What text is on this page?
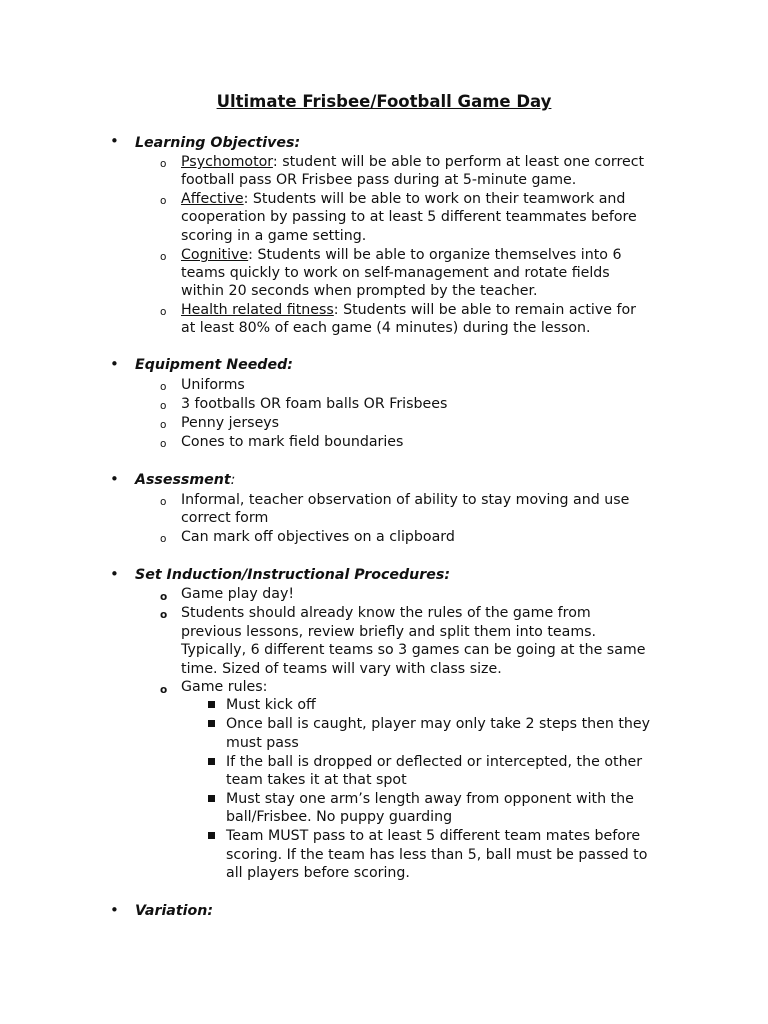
Ultimate Frisbee/Football Game Day
• Learning Objectives:
o Psychomotor: student will be able to perform at least one correct
football pass OR Frisbee pass during at 5-minute game.
o Affective: Students will be able to work on their teamwork and
cooperation by passing to at least 5 different teammates before
scoring in a game setting.
o Cognitive: Students will be able to organize themselves into 6
teams quickly to work on self-management and rotate fields
within 20 seconds when prompted by the teacher.
o Health related fitness: Students will be able to remain active for
at least 80% of each game (4 minutes) during the lesson.
• Equipment Needed:
o Uniforms
o 3 footballs OR foam balls OR Frisbees
o Penny jerseys
o Cones to mark field boundaries
• Assessment:
o Informal, teacher observation of ability to stay moving and use
correct form
o Can mark off objectives on a clipboard
• Set Induction/Instructional Procedures:
o Game play day!
o Students should already know the rules of the game from
previous lessons, review briefly and split them into teams.
Typically, 6 different teams so 3 games can be going at the same
time. Sized of teams will vary with class size.
o Game rules:
Must kick off
Once ball is caught, player may only take 2 steps then they
must pass
If the ball is dropped or deflected or intercepted, the other
team takes it at that spot
Must stay one arm’s length away from opponent with the
ball/Frisbee. No puppy guarding
Team MUST pass to at least 5 different team mates before
scoring. If the team has less than 5, ball must be passed to
all players before scoring.
• Variation:
